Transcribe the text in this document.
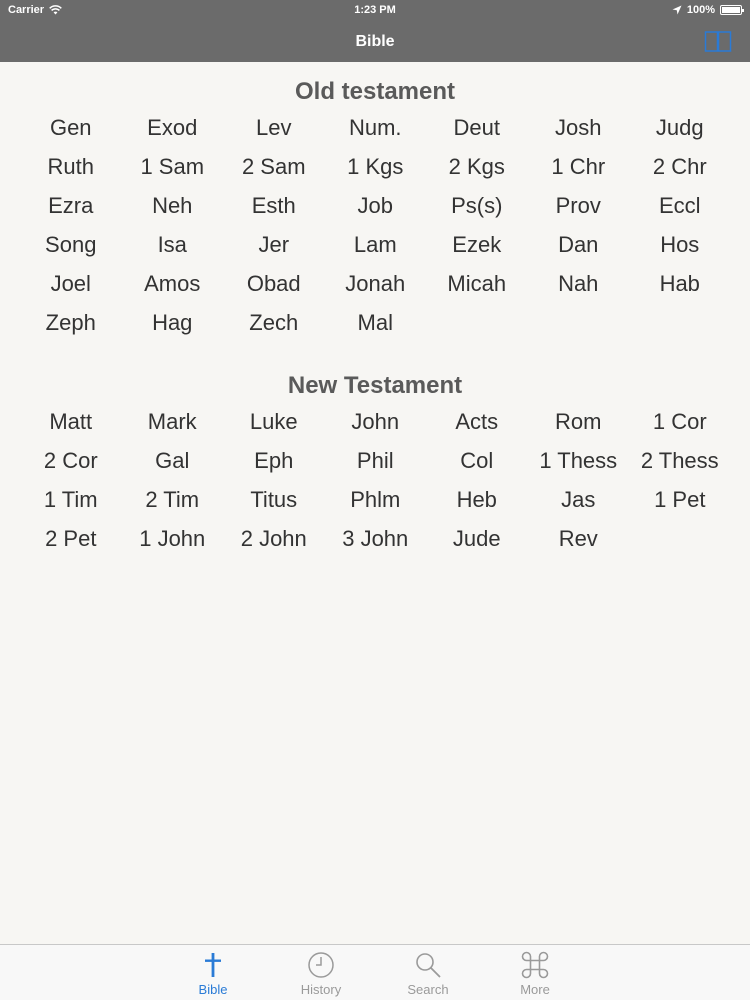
Carrier	1:23 PM	100%
Bible
Old testament
Gen	Exod	Lev	Num.	Deut	Josh	Judg
Ruth	1 Sam	2 Sam	1 Kgs	2 Kgs	1 Chr	2 Chr
Ezra	Neh	Esth	Job	Ps(s)	Prov	Eccl
Song	Isa	Jer	Lam	Ezek	Dan	Hos
Joel	Amos	Obad	Jonah	Micah	Nah	Hab
Zeph	Hag	Zech	Mal
New Testament
Matt	Mark	Luke	John	Acts	Rom	1 Cor
2 Cor	Gal	Eph	Phil	Col	1 Thess	2 Thess
1 Tim	2 Tim	Titus	Phlm	Heb	Jas	1 Pet
2 Pet	1 John	2 John	3 John	Jude	Rev
Bible	History	Search	More
